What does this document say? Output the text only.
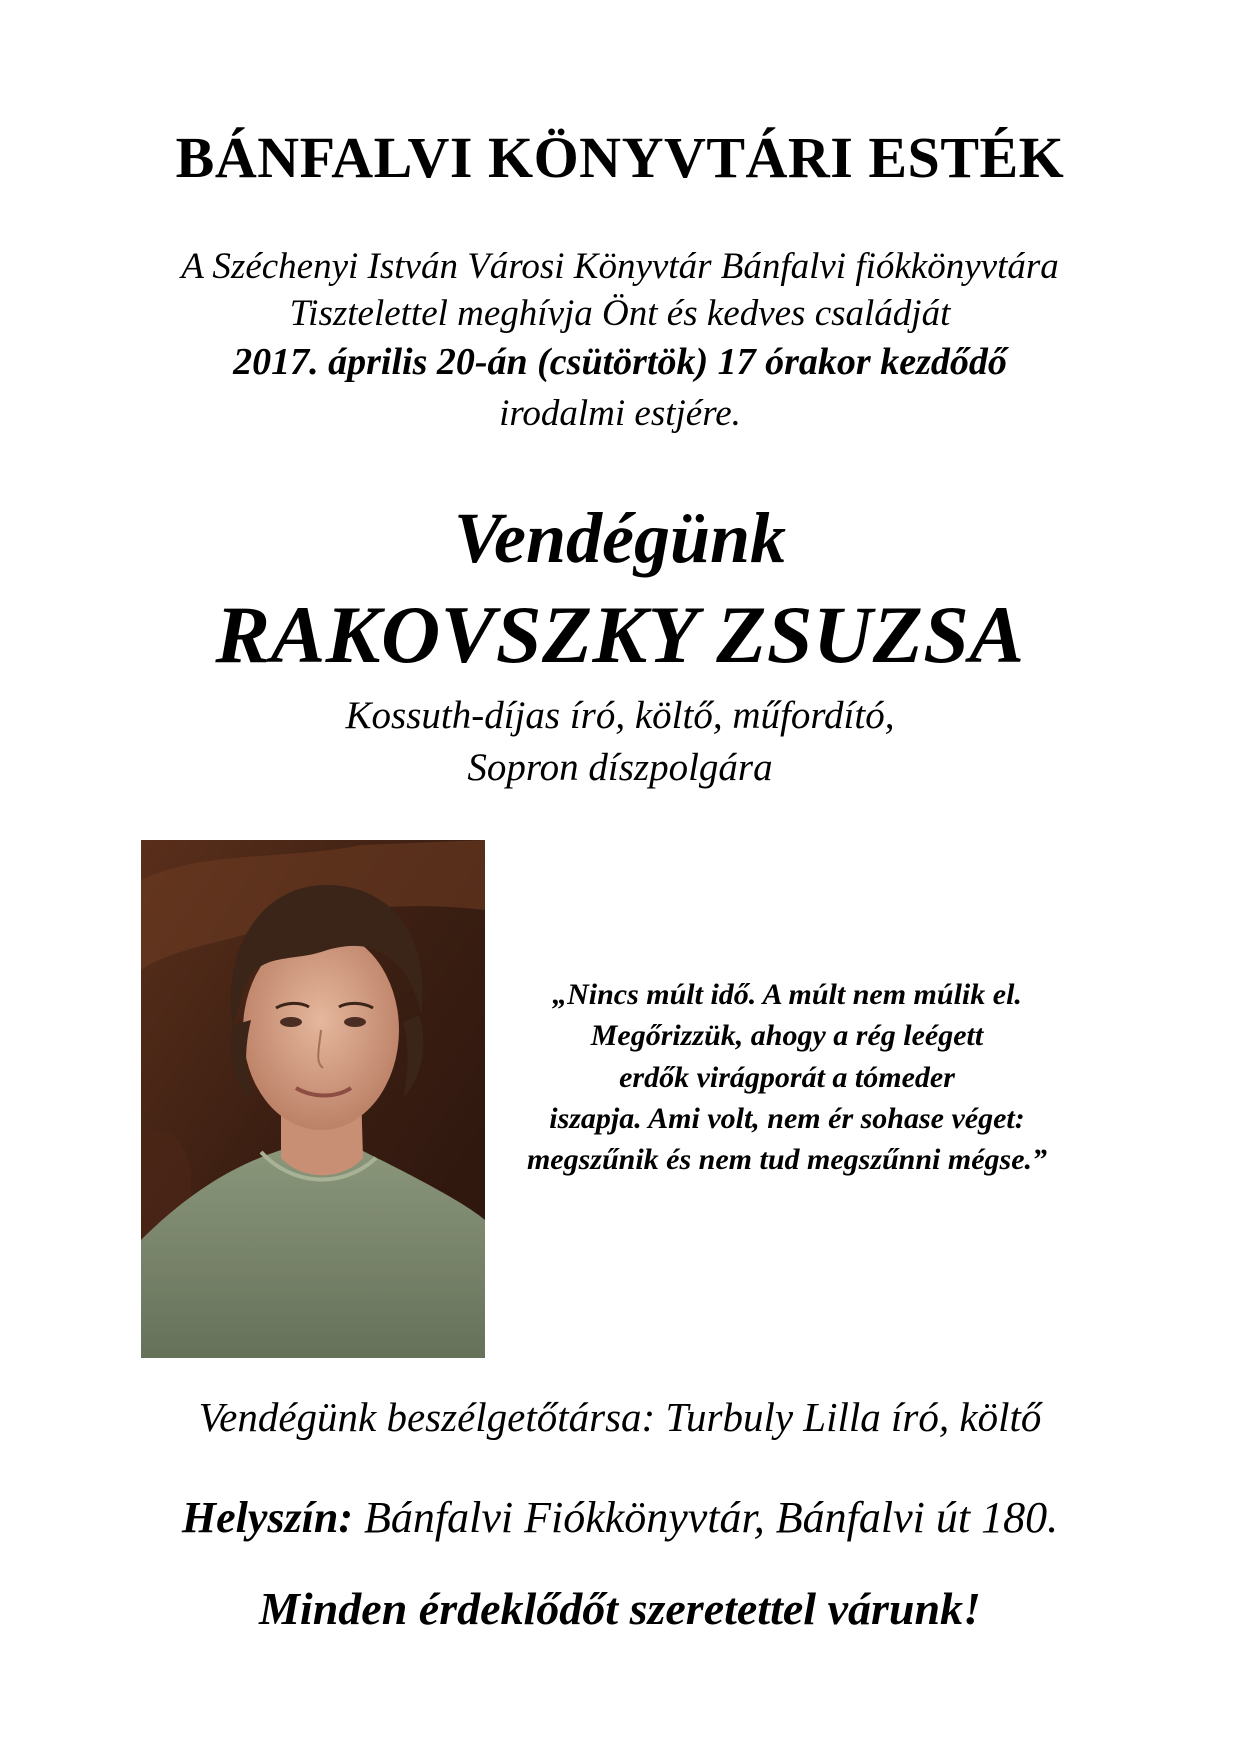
BÁNFALVI KÖNYVTÁRI ESTÉK
A Széchenyi István Városi Könyvtár Bánfalvi fiókkönyvtára
Tisztelettel meghívja Önt és kedves családját
2017. április 20-án (csütörtök) 17 órakor kezdődő
irodalmi estjére.
Vendégünk
RAKOVSZKY ZSUZSA
Kossuth-díjas író, költő, műfordító,
Sopron díszpolgára
„Nincs múlt idő. A múlt nem múlik el.
Megőrizzük, ahogy a rég leégett
erdők virágporát a tómeder
iszapja. Ami volt, nem ér sohase véget:
megszűnik és nem tud megszűnni mégse.”
Vendégünk beszélgetőtársa: Turbuly Lilla író, költő
Helyszín: Bánfalvi Fiókkönyvtár, Bánfalvi út 180.
Minden érdeklődőt szeretettel várunk!
